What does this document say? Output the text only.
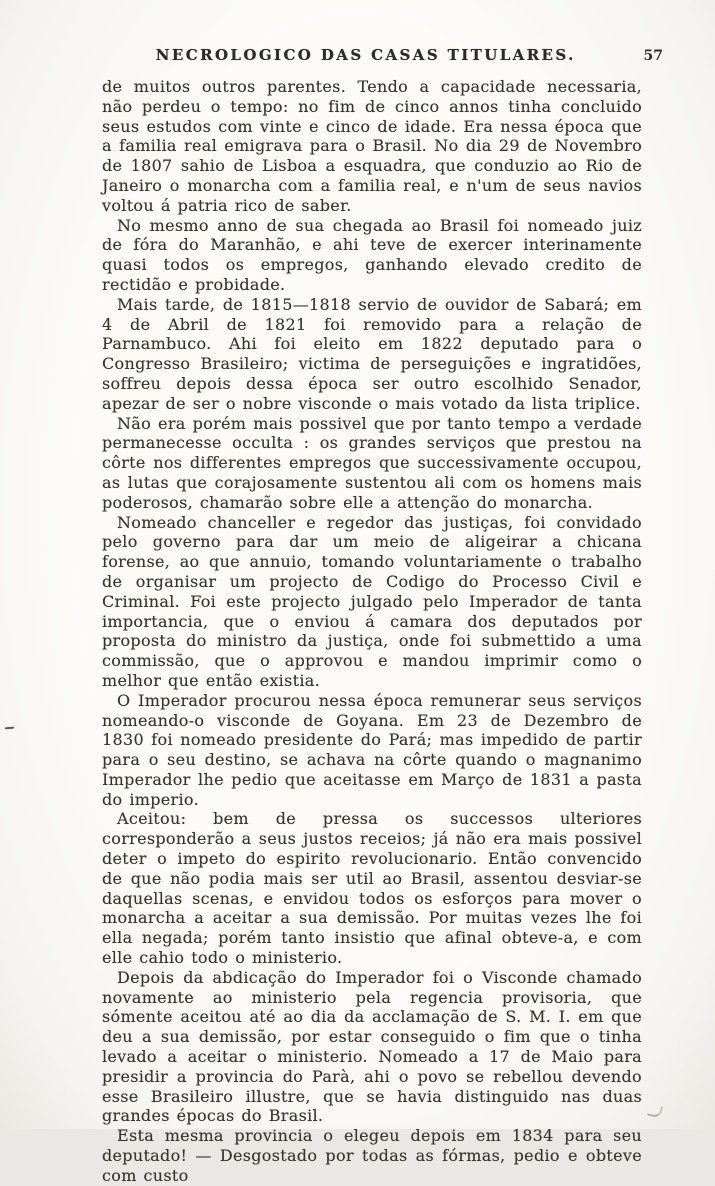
NECROLOGICO DAS CASAS TITULARES.	57

de muitos outros parentes. Tendo a capacidade necessaria, não perdeu o tempo: no fim de cinco annos tinha concluido seus estudos com vinte e cinco de idade. Era nessa época que a familia real emigrava para o Brasil. No dia 29 de Novembro de 1807 sahio de Lisboa a esquadra, que conduzio ao Rio de Janeiro o monarcha com a familia real, e n'um de seus navios voltou á patria rico de saber.

No mesmo anno de sua chegada ao Brasil foi nomeado juiz de fóra do Maranhão, e ahi teve de exercer interinamente quasi todos os empregos, ganhando elevado credito de rectidão e probidade.

Mais tarde, de 1815—1818 servio de ouvidor de Sabará; em 4 de Abril de 1821 foi removido para a relação de Parnambuco. Ahi foi eleito em 1822 deputado para o Congresso Brasileiro; victima de perseguições e ingratidões, soffreu depois dessa época ser outro escolhido Senador, apezar de ser o nobre visconde o mais votado da lista triplice.

Não era porém mais possivel que por tanto tempo a verdade permanecesse occulta : os grandes serviços que prestou na côrte nos differentes empregos que successivamente occupou, as lutas que corajosamente sustentou ali com os homens mais poderosos, chamarão sobre elle a attenção do monarcha.

Nomeado chanceller e regedor das justiças, foi convidado pelo governo para dar um meio de aligeirar a chicana forense, ao que annuio, tomando voluntariamente o trabalho de organisar um projecto de Codigo do Processo Civil e Criminal. Foi este projecto julgado pelo Imperador de tanta importancia, que o enviou á camara dos deputados por proposta do ministro da justiça, onde foi submettido a uma commissão, que o approvou e mandou imprimir como o melhor que então existia.

O Imperador procurou nessa época remunerar seus serviços nomeando-o visconde de Goyana. Em 23 de Dezembro de 1830 foi nomeado presidente do Pará; mas impedido de partir para o seu destino, se achava na côrte quando o magnanimo Imperador lhe pedio que aceitasse em Março de 1831 a pasta do imperio.

Aceitou: bem de pressa os successos ulteriores corresponderão a seus justos receios; já não era mais possivel deter o impeto do espirito revolucionario. Então convencido de que não podia mais ser util ao Brasil, assentou desviar-se daquellas scenas, e envidou todos os esforços para mover o monarcha a aceitar a sua demissão. Por muitas vezes lhe foi ella negada; porém tanto insistio que afinal obteve-a, e com elle cahio todo o ministerio.

Depois da abdicação do Imperador foi o Visconde chamado novamente ao ministerio pela regencia provisoria, que sómente aceitou até ao dia da acclamação de S. M. I. em que deu a sua demissão, por estar conseguido o fim que o tinha levado a aceitar o ministerio. Nomeado a 17 de Maio para presidir a provincia do Parà, ahi o povo se rebellou devendo esse Brasileiro illustre, que se havia distinguido nas duas grandes épocas do Brasil.

Esta mesma provincia o elegeu depois em 1834 para seu deputado! — Desgostado por todas as fórmas, pedio e obteve com custo
